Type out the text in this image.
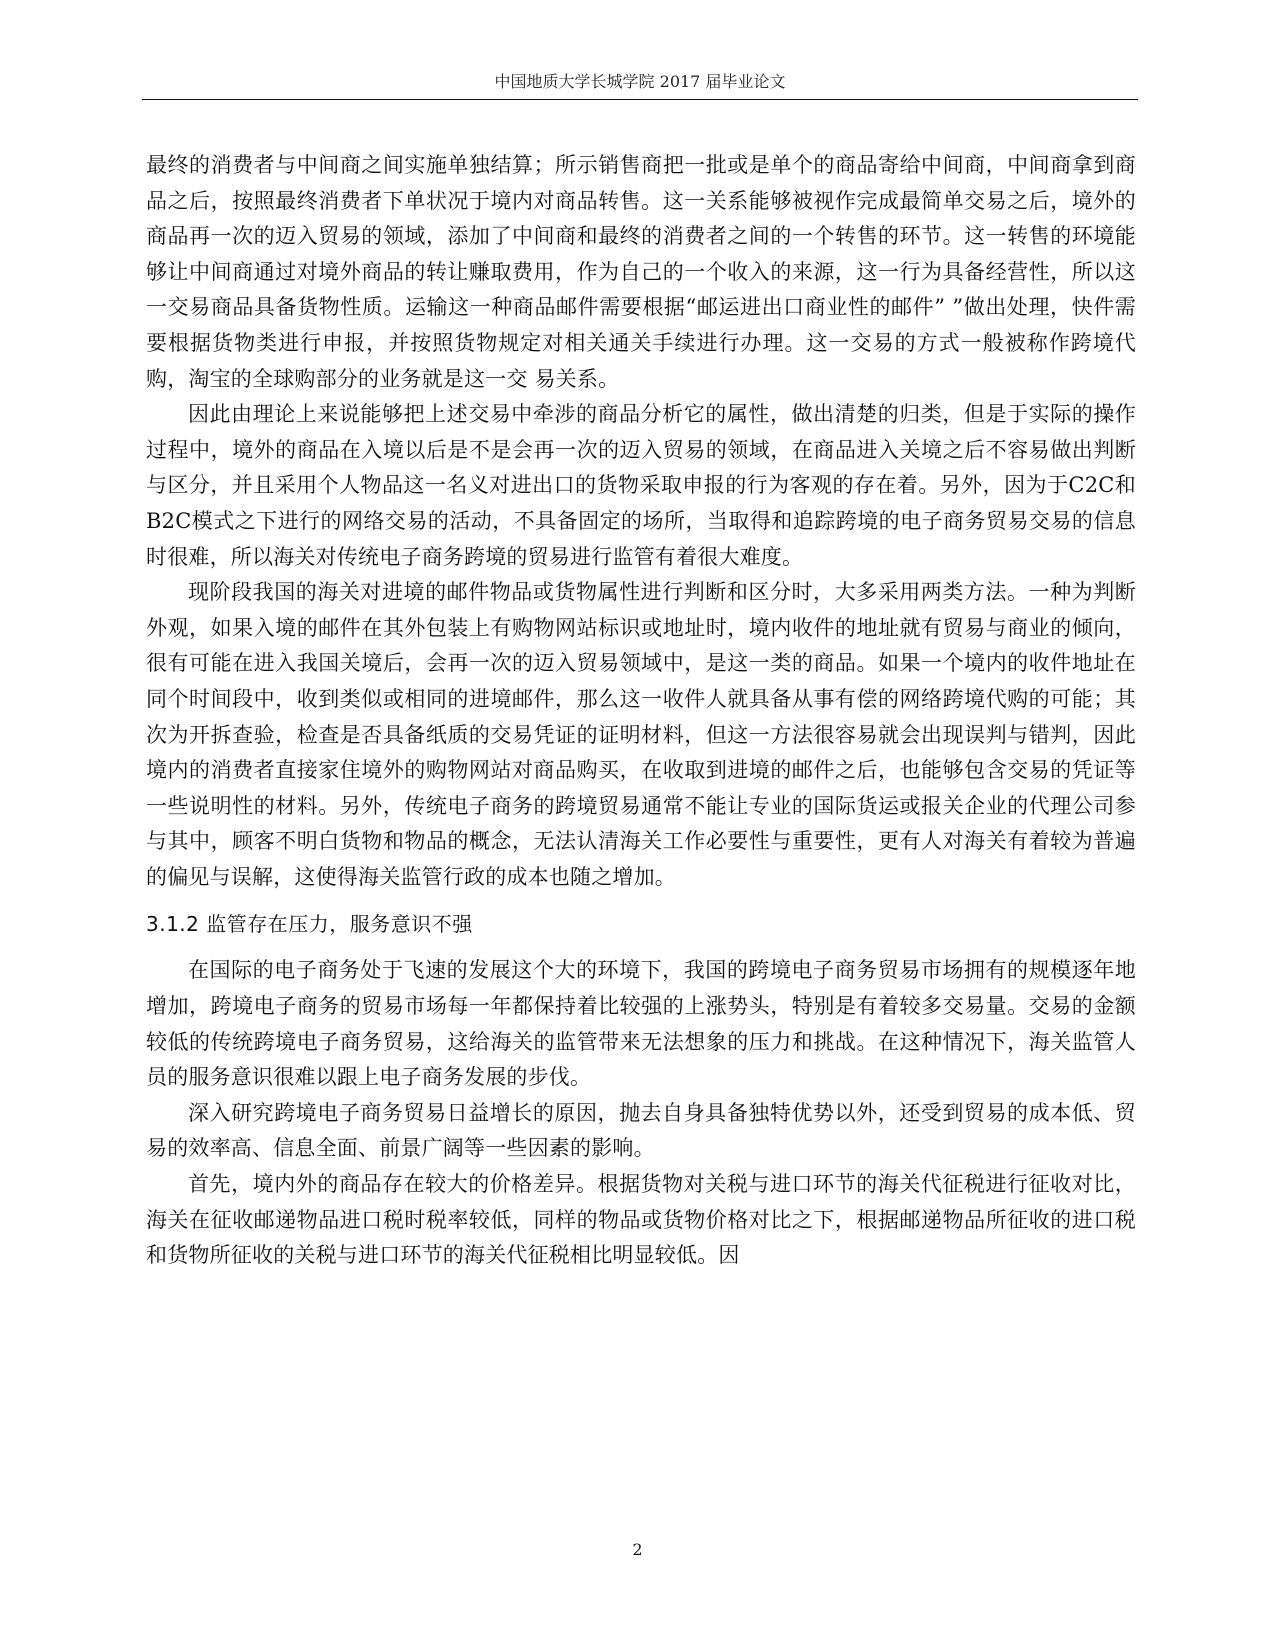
中国地质大学长城学院 2017 届毕业论文

最终的消费者与中间商之间实施单独结算；所示销售商把一批或是单个的商品寄给中间商，中间商拿到商品之后，按照最终消费者下单状况于境内对商品转售。这一关系能够被视作完成最简单交易之后，境外的商品再一次的迈入贸易的领域，添加了中间商和最终的消费者之间的一个转售的环节。这一转售的环境能够让中间商通过对境外商品的转让赚取费用，作为自己的一个收入的来源，这一行为具备经营性，所以这一交易商品具备货物性质。运输这一种商品邮件需要根据“邮运进出口商业性的邮件” ”做出处理，快件需要根据货物类进行申报，并按照货物规定对相关通关手续进行办理。这一交易的方式一般被称作跨境代购，淘宝的全球购部分的业务就是这一交 易关系。

因此由理论上来说能够把上述交易中牵涉的商品分析它的属性，做出清楚的归类，但是于实际的操作过程中，境外的商品在入境以后是不是会再一次的迈入贸易的领域，在商品进入关境之后不容易做出判断与区分，并且采用个人物品这一名义对进出口的货物采取申报的行为客观的存在着。另外，因为于C2C和B2C模式之下进行的网络交易的活动，不具备固定的场所，当取得和追踪跨境的电子商务贸易交易的信息时很难，所以海关对传统电子商务跨境的贸易进行监管有着很大难度。

现阶段我国的海关对进境的邮件物品或货物属性进行判断和区分时，大多采用两类方法。一种为判断外观，如果入境的邮件在其外包装上有购物网站标识或地址时，境内收件的地址就有贸易与商业的倾向，很有可能在进入我国关境后，会再一次的迈入贸易领域中，是这一类的商品。如果一个境内的收件地址在同个时间段中，收到类似或相同的进境邮件，那么这一收件人就具备从事有偿的网络跨境代购的可能；其次为开拆查验，检查是否具备纸质的交易凭证的证明材料，但这一方法很容易就会出现误判与错判，因此境内的消费者直接家住境外的购物网站对商品购买，在收取到进境的邮件之后，也能够包含交易的凭证等一些说明性的材料。另外，传统电子商务的跨境贸易通常不能让专业的国际货运或报关企业的代理公司参与其中，顾客不明白货物和物品的概念，无法认清海关工作必要性与重要性，更有人对海关有着较为普遍的偏见与误解，这使得海关监管行政的成本也随之增加。

3.1.2 监管存在压力，服务意识不强

在国际的电子商务处于飞速的发展这个大的环境下，我国的跨境电子商务贸易市场拥有的规模逐年地增加，跨境电子商务的贸易市场每一年都保持着比较强的上涨势头，特别是有着较多交易量。交易的金额较低的传统跨境电子商务贸易，这给海关的监管带来无法想象的压力和挑战。在这种情况下，海关监管人员的服务意识很难以跟上电子商务发展的步伐。

深入研究跨境电子商务贸易日益增长的原因，抛去自身具备独特优势以外，还受到贸易的成本低、贸易的效率高、信息全面、前景广阔等一些因素的影响。

首先，境内外的商品存在较大的价格差异。根据货物对关税与进口环节的海关代征税进行征收对比，海关在征收邮递物品进口税时税率较低，同样的物品或货物价格对比之下，根据邮递物品所征收的进口税和货物所征收的关税与进口环节的海关代征税相比明显较低。因

2
